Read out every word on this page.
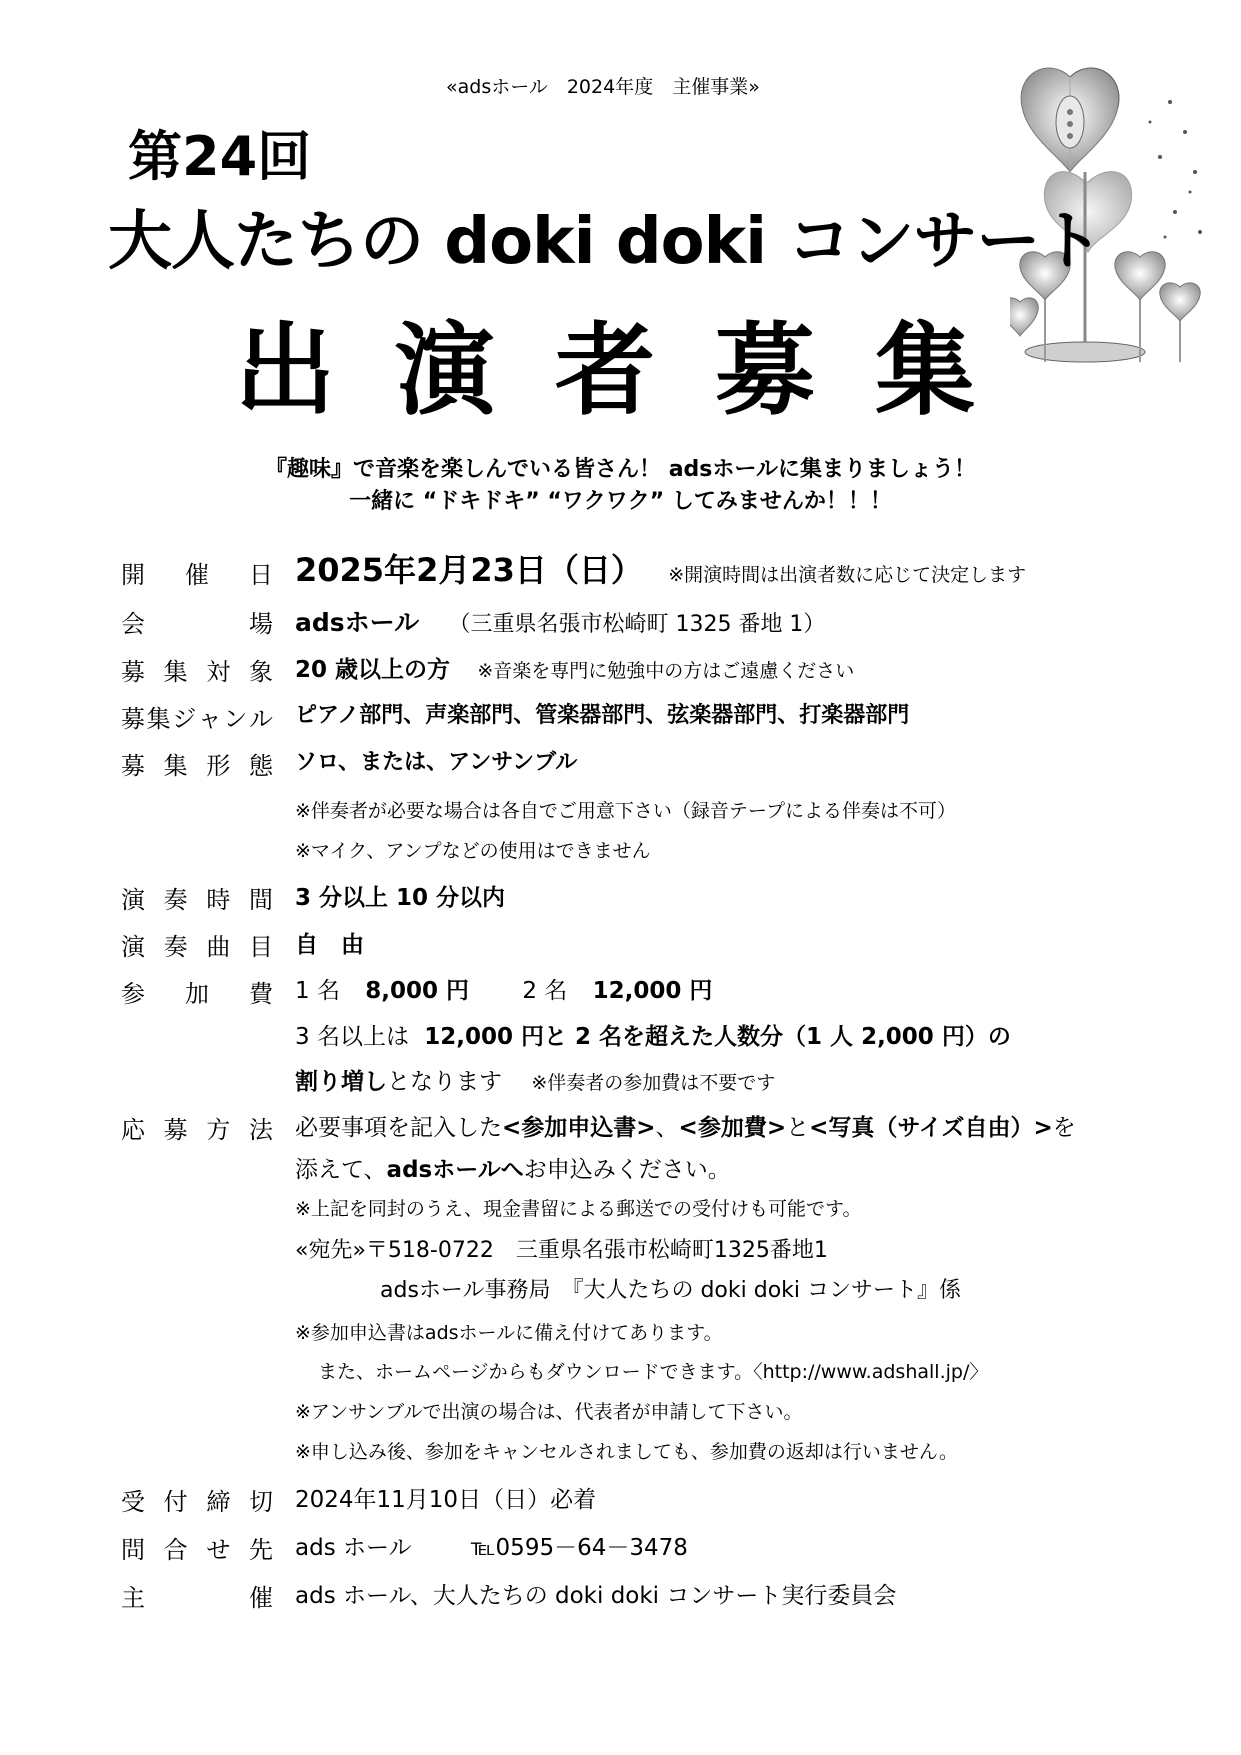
«adsホール　2024年度　主催事業»
第24回
大人たちの doki doki コンサート
出演者募集
『趣味』で音楽を楽しんでいる皆さん！ adsホールに集まりましょう！
一緒に “ドキドキ” “ワクワク” してみませんか！！！
開 催 日 2025年2月23日（日） ※開演時間は出演者数に応じて決定します
会	場 adsホール （三重県名張市松崎町 1325 番地 1）
募 集 対 象 20 歳以上の方 ※音楽を専門に勉強中の方はご遠慮ください
募 集 ジ ャ ン ル ピアノ部門、声楽部門、管楽器部門、弦楽器部門、打楽器部門
募 集 形 態 ソロ、または、アンサンブル
※伴奏者が必要な場合は各自でご用意下さい（録音テープによる伴奏は不可）
※マイク、アンプなどの使用はできません
演 奏 時 間 3 分以上 10 分以内
演 奏 曲 目 自　由
参 加 費 1 名 8,000 円 2 名 12,000 円
3 名以上は 12,000 円と 2 名を超えた人数分（1 人 2,000 円）の
割り増しとなります ※伴奏者の参加費は不要です
応 募 方 法 必要事項を記入した<参加申込書>、<参加費>と<写真（サイズ自由）>を
添えて、adsホールへお申込みください。
※上記を同封のうえ、現金書留による郵送での受付けも可能です。
«宛先»〒518-0722　三重県名張市松崎町1325番地1
adsホール事務局　『大人たちの doki doki コンサート』係
※参加申込書はadsホールに備え付けてあります。
また、ホームページからもダウンロードできます。〈http://www.adshall.jp/〉
※アンサンブルで出演の場合は、代表者が申請して下さい。
※申し込み後、参加をキャンセルされましても、参加費の返却は行いません。
受 付 締 切 2024年11月10日（日）必着
問 合 せ 先 ads ホール	℡0595－64－3478
主	催 ads ホール、大人たちの doki doki コンサート実行委員会
